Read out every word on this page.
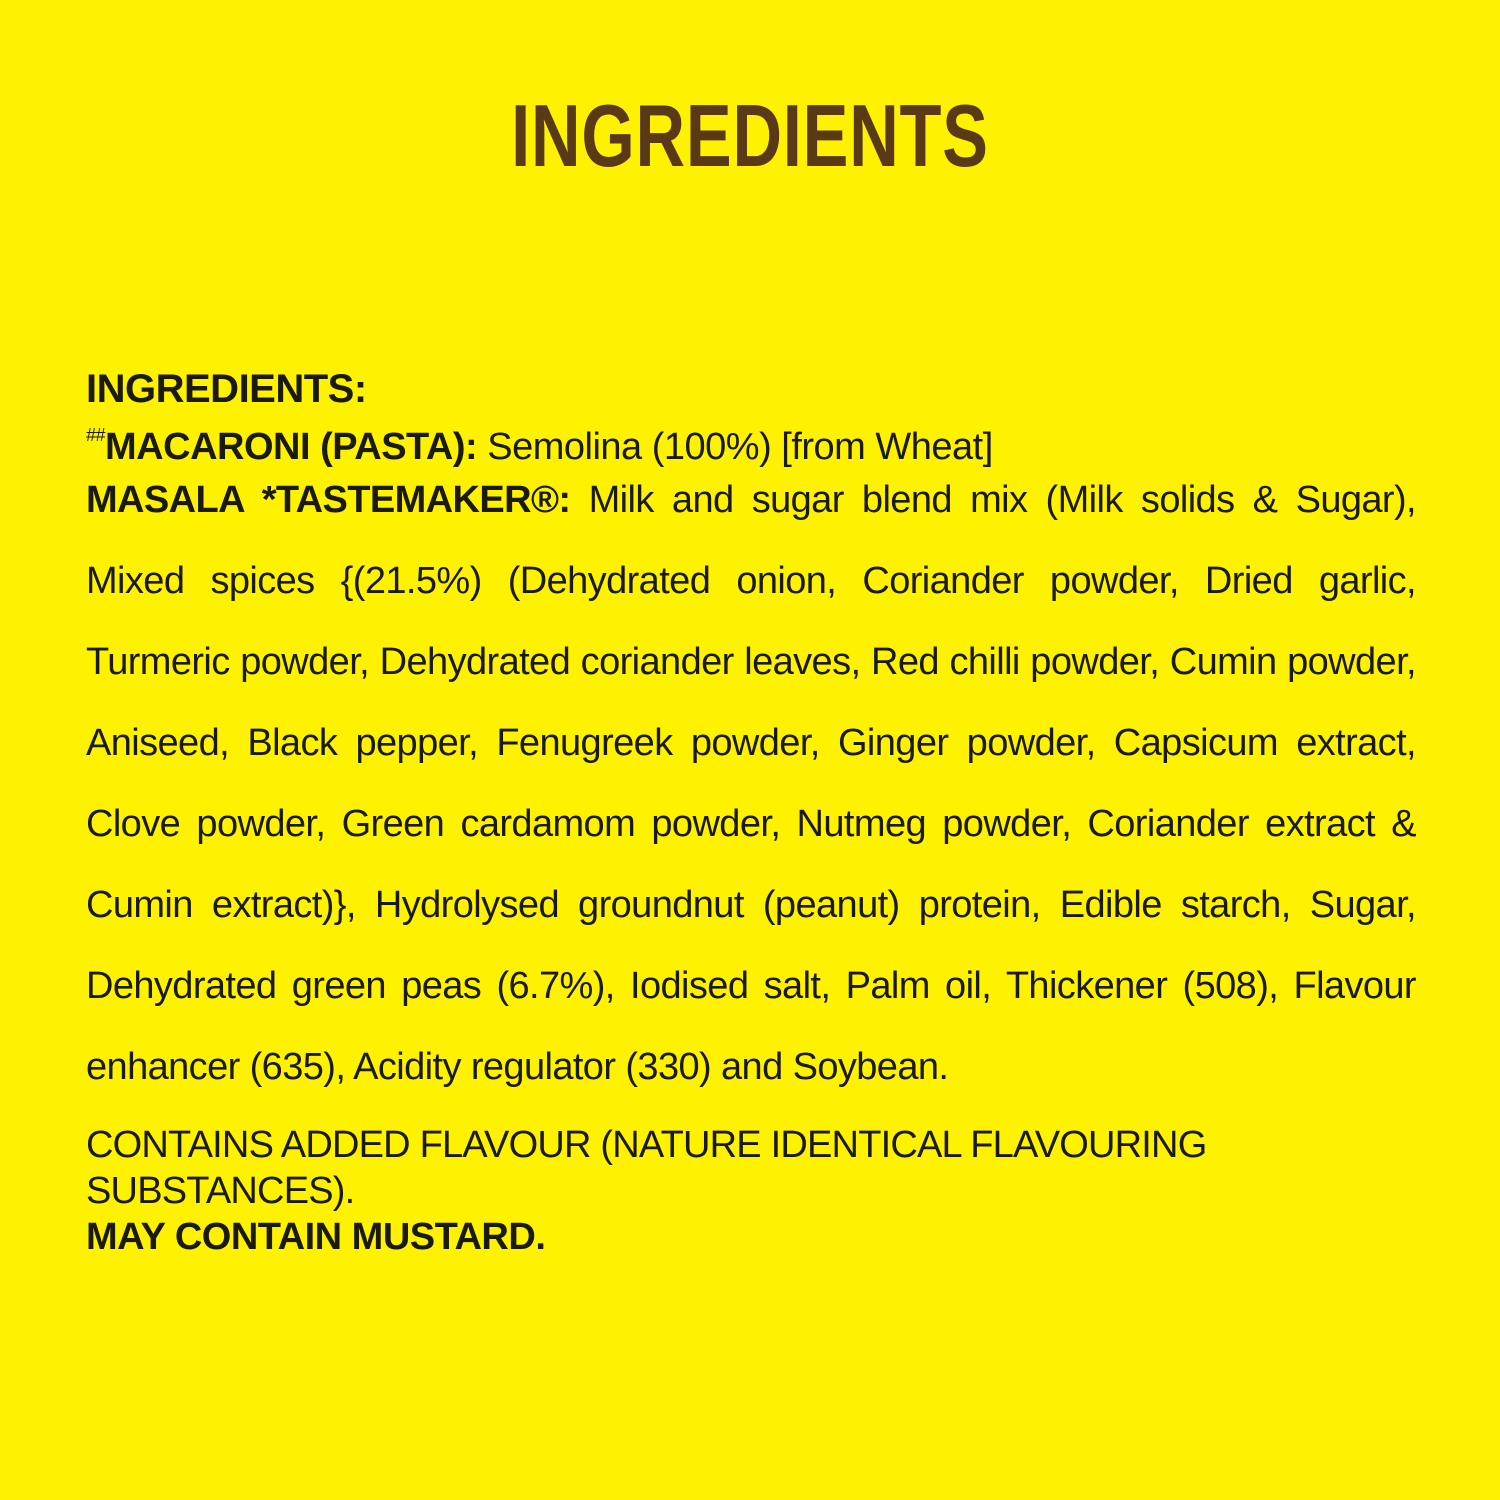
INGREDIENTS
INGREDIENTS:
##MACARONI (PASTA): Semolina (100%) [from Wheat]
MASALA *TASTEMAKER®: Milk and sugar blend mix (Milk solids & Sugar), Mixed spices {(21.5%) (Dehydrated onion, Coriander powder, Dried garlic, Turmeric powder, Dehydrated coriander leaves, Red chilli powder, Cumin powder, Aniseed, Black pepper, Fenugreek powder, Ginger powder, Capsicum extract, Clove powder, Green cardamom powder, Nutmeg powder, Coriander extract & Cumin extract)}, Hydrolysed groundnut (peanut) protein, Edible starch, Sugar, Dehydrated green peas (6.7%), Iodised salt, Palm oil, Thickener (508), Flavour enhancer (635), Acidity regulator (330) and Soybean.
CONTAINS ADDED FLAVOUR (NATURE IDENTICAL FLAVOURING SUBSTANCES).
MAY CONTAIN MUSTARD.
